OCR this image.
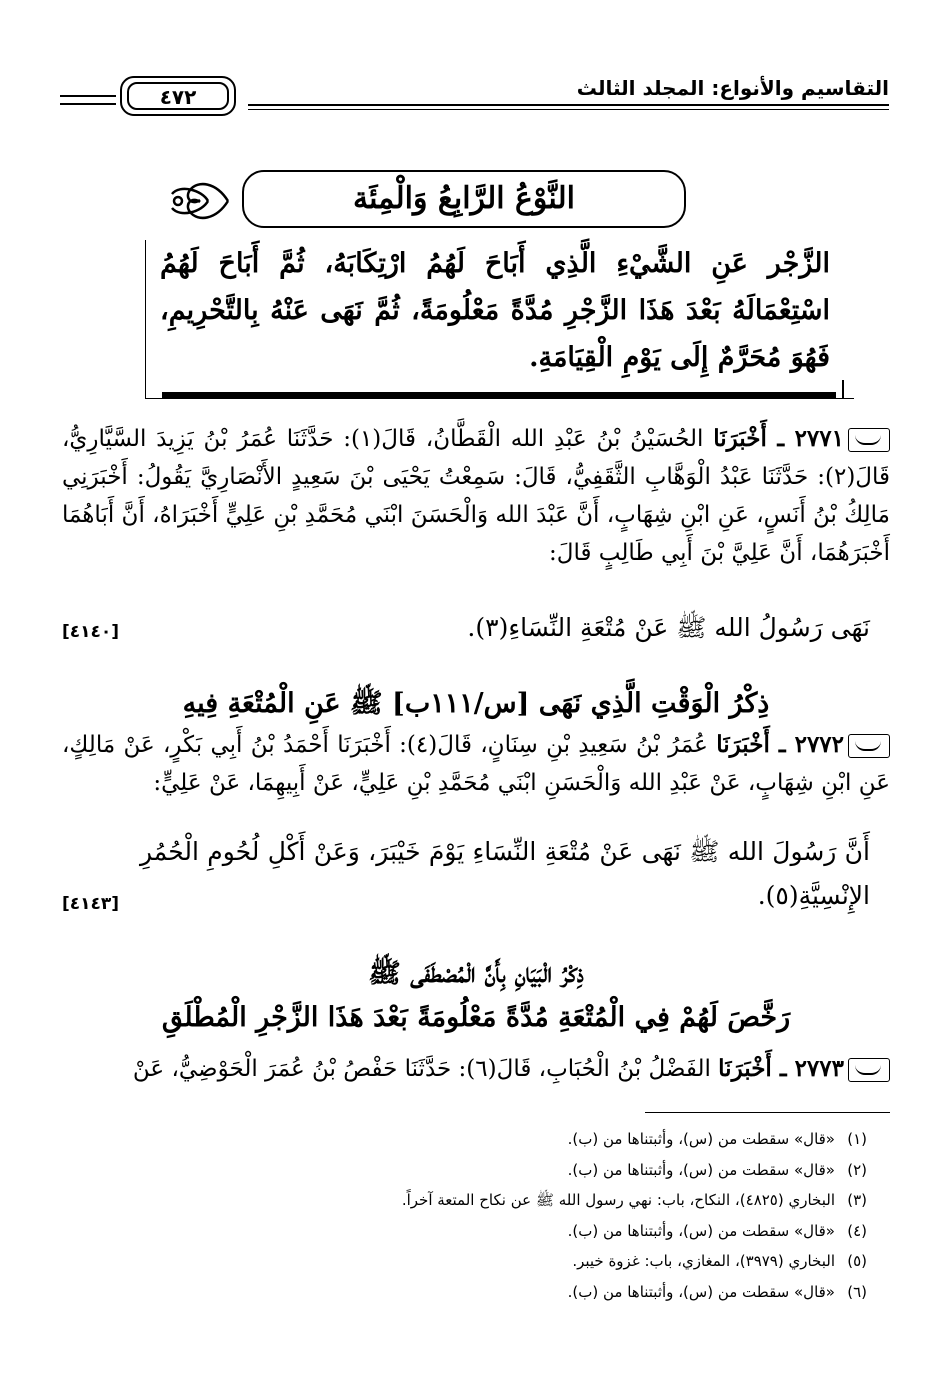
التقاسيم والأنواع: المجلد الثالث
٤٧٢
النَّوْعُ الرَّابِعُ وَالْمِئَة
الزَّجْر عَنِ الشَّيْءِ الَّذِي أَبَاحَ لَهُمُ ارْتِكَابَهُ، ثُمَّ أَبَاحَ لَهُمُ اسْتِعْمَالَهُ بَعْدَ هَذَا الزَّجْرِ مُدَّةً مَعْلُومَةً، ثُمَّ نَهَى عَنْهُ بِالتَّحْرِيمِ، فَهُوَ مُحَرَّمٌ إِلَى يَوْمِ الْقِيَامَةِ.
٢٧٧١ ـ أَخْبَرَنَا الحُسَيْنُ بْنُ عَبْدِ الله الْقَطَّانُ، قَالَ(١): حَدَّثَنَا عُمَرُ بْنُ يَزِيدَ السَّيَّارِيُّ، قَالَ(٢): حَدَّثَنَا عَبْدُ الْوَهَّابِ الثَّقَفِيُّ، قَالَ: سَمِعْتُ يَحْيَى بْنَ سَعِيدٍ الأَنْصَارِيَّ يَقُولُ: أَخْبَرَنِي مَالِكُ بْنُ أَنَسٍ، عَنِ ابْنِ شِهَابٍ، أَنَّ عَبْدَ الله وَالْحَسَنَ ابْنَي مُحَمَّدِ بْنِ عَلِيٍّ أَخْبَرَاهُ، أَنَّ أَبَاهُمَا أَخْبَرَهُمَا، أَنَّ عَلِيَّ بْنَ أَبِي طَالِبٍ قَالَ:
نَهَى رَسُولُ الله ﷺ عَنْ مُتْعَةِ النِّسَاءِ(٣).
[٤١٤٠]
ذِكْرُ الْوَقْتِ الَّذِي نَهَى [س/١١١ب] ﷺ عَنِ الْمُتْعَةِ فِيهِ
٢٧٧٢ ـ أَخْبَرَنَا عُمَرُ بْنُ سَعِيدِ بْنِ سِنَانٍ، قَالَ(٤): أَخْبَرَنَا أَحْمَدُ بْنُ أَبِي بَكْرٍ، عَنْ مَالِكٍ، عَنِ ابْنِ شِهَابٍ، عَنْ عَبْدِ الله وَالْحَسَنِ ابْنَي مُحَمَّدِ بْنِ عَلِيٍّ، عَنْ أَبِيهِمَا، عَنْ عَلِيٍّ:
أَنَّ رَسُولَ الله ﷺ نَهَى عَنْ مُتْعَةِ النِّسَاءِ يَوْمَ خَيْبَرَ، وَعَنْ أَكْلِ لُحُومِ الْحُمُرِ الإِنْسِيَّةِ(٥).
[٤١٤٣]
ذِكْرُ الْبَيَانِ بِأَنَّ الْمُصْطَفَى ﷺ
رَخَّصَ لَهُمْ فِي الْمُتْعَةِ مُدَّةً مَعْلُومَةً بَعْدَ هَذَا الزَّجْرِ الْمُطْلَقِ
٢٧٧٣ ـ أَخْبَرَنَا الفَضْلُ بْنُ الْحُبَابِ، قَالَ(٦): حَدَّثَنَا حَفْصُ بْنُ عُمَرَ الْحَوْضِيُّ، عَنْ
(١)«قال» سقطت من (س)، وأثبتناها من (ب).
(٢)«قال» سقطت من (س)، وأثبتناها من (ب).
(٣)البخاري (٤٨٢٥)، النكاح، باب: نهي رسول الله ﷺ عن نكاح المتعة آخراً.
(٤)«قال» سقطت من (س)، وأثبتناها من (ب).
(٥)البخاري (٣٩٧٩)، المغازي، باب: غزوة خيبر.
(٦)«قال» سقطت من (س)، وأثبتناها من (ب).
